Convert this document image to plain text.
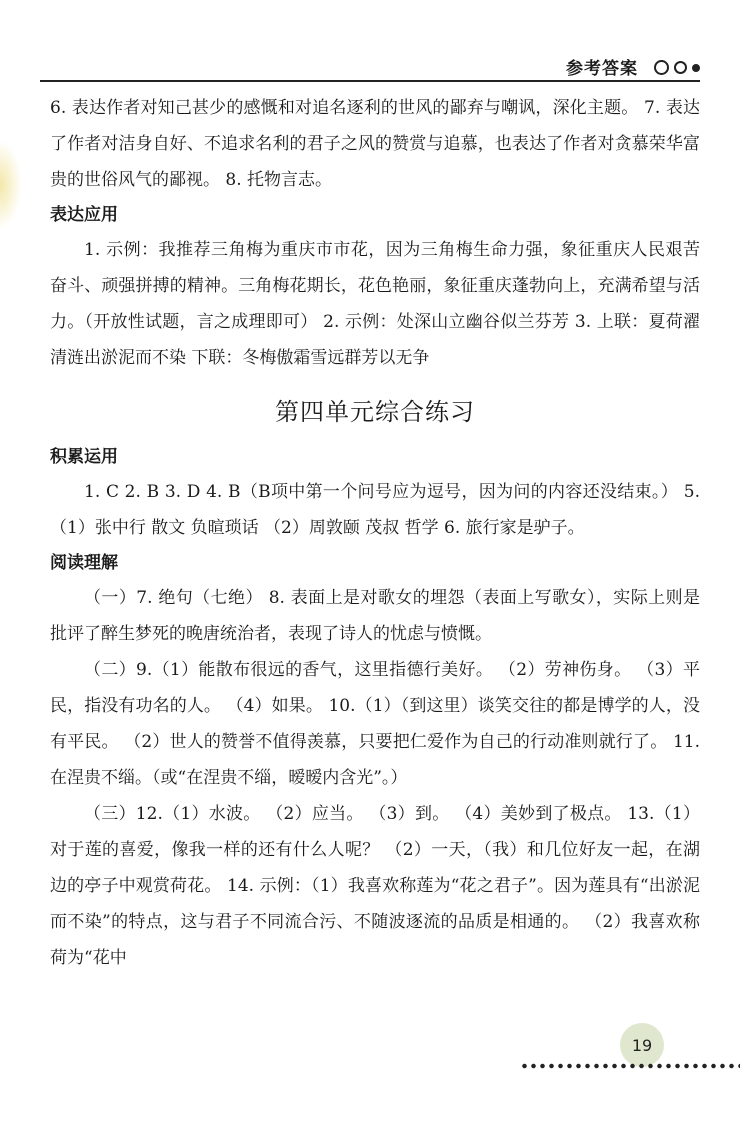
参考答案

6. 表达作者对知己甚少的感慨和对追名逐利的世风的鄙弃与嘲讽，深化主题。 7. 表达了作者对洁身自好、不追求名利的君子之风的赞赏与追慕，也表达了作者对贪慕荣华富贵的世俗风气的鄙视。 8. 托物言志。

表达应用

1. 示例：我推荐三角梅为重庆市市花，因为三角梅生命力强，象征重庆人民艰苦奋斗、顽强拼搏的精神。三角梅花期长，花色艳丽，象征重庆蓬勃向上，充满希望与活力。（开放性试题，言之成理即可） 2. 示例：处深山立幽谷似兰芬芳 3. 上联：夏荷濯清涟出淤泥而不染 下联：冬梅傲霜雪远群芳以无争

第四单元综合练习

积累运用

1. C 2. B 3. D 4. B（B项中第一个问号应为逗号，因为问的内容还没结束。） 5.（1）张中行 散文 负暄琐话 （2）周敦颐 茂叔 哲学 6. 旅行家是驴子。

阅读理解

（一）7. 绝句（七绝） 8. 表面上是对歌女的埋怨（表面上写歌女），实际上则是批评了醉生梦死的晚唐统治者，表现了诗人的忧虑与愤慨。

（二）9.（1）能散布很远的香气，这里指德行美好。 （2）劳神伤身。 （3）平民，指没有功名的人。 （4）如果。 10.（1）（到这里）谈笑交往的都是博学的人，没有平民。 （2）世人的赞誉不值得羡慕，只要把仁爱作为自己的行动准则就行了。 11. 在涅贵不缁。（或“在涅贵不缁，暧暧内含光”。）

（三）12.（1）水波。 （2）应当。 （3）到。 （4）美妙到了极点。 13.（1）对于莲的喜爱，像我一样的还有什么人呢？ （2）一天，（我）和几位好友一起，在湖边的亭子中观赏荷花。 14. 示例：（1）我喜欢称莲为“花之君子”。因为莲具有“出淤泥而不染”的特点，这与君子不同流合污、不随波逐流的品质是相通的。 （2）我喜欢称荷为“花中

19
